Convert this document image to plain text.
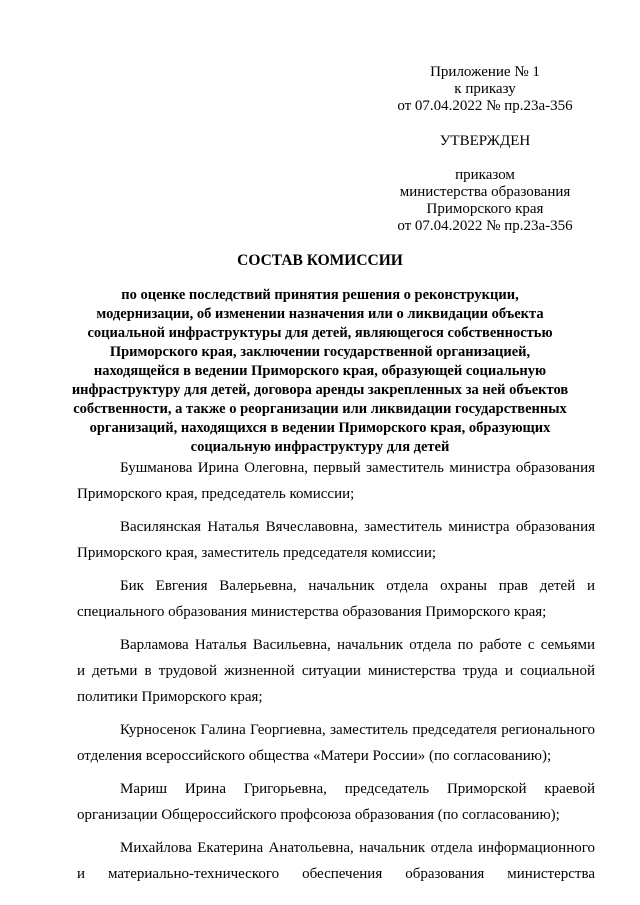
Приложение № 1
к приказу
от 07.04.2022 № пр.23а-356
УТВЕРЖДЕН
приказом
министерства образования
Приморского края
от 07.04.2022 № пр.23а-356
СОСТАВ КОМИССИИ
по оценке последствий принятия решения о реконструкции,
модернизации, об изменении назначения или о ликвидации объекта
социальной инфраструктуры для детей, являющегося собственностью
Приморского края, заключении государственной организацией,
находящейся в ведении Приморского края, образующей социальную
инфраструктуру для детей, договора аренды закрепленных за ней объектов
собственности, а также о реорганизации или ликвидации государственных
организаций, находящихся в ведении Приморского края, образующих
социальную инфраструктуру для детей
Бушманова Ирина Олеговна, первый заместитель министра образования
Приморского края, председатель комиссии;
Василянская Наталья Вячеславовна, заместитель министра образования
Приморского края, заместитель председателя комиссии;
Бик Евгения Валерьевна, начальник отдела охраны прав детей и
специального образования министерства образования Приморского края;
Варламова Наталья Васильевна, начальник отдела по работе с семьями
и детьми в трудовой жизненной ситуации министерства труда и социальной
политики Приморского края;
Курносенок Галина Георгиевна, заместитель председателя регионального
отделения всероссийского общества «Матери России» (по согласованию);
Мариш Ирина Григорьевна, председатель Приморской краевой
организации Общероссийского профсоюза образования (по согласованию);
Михайлова Екатерина Анатольевна, начальник отдела информационного
и материально-технического обеспечения образования министерства
